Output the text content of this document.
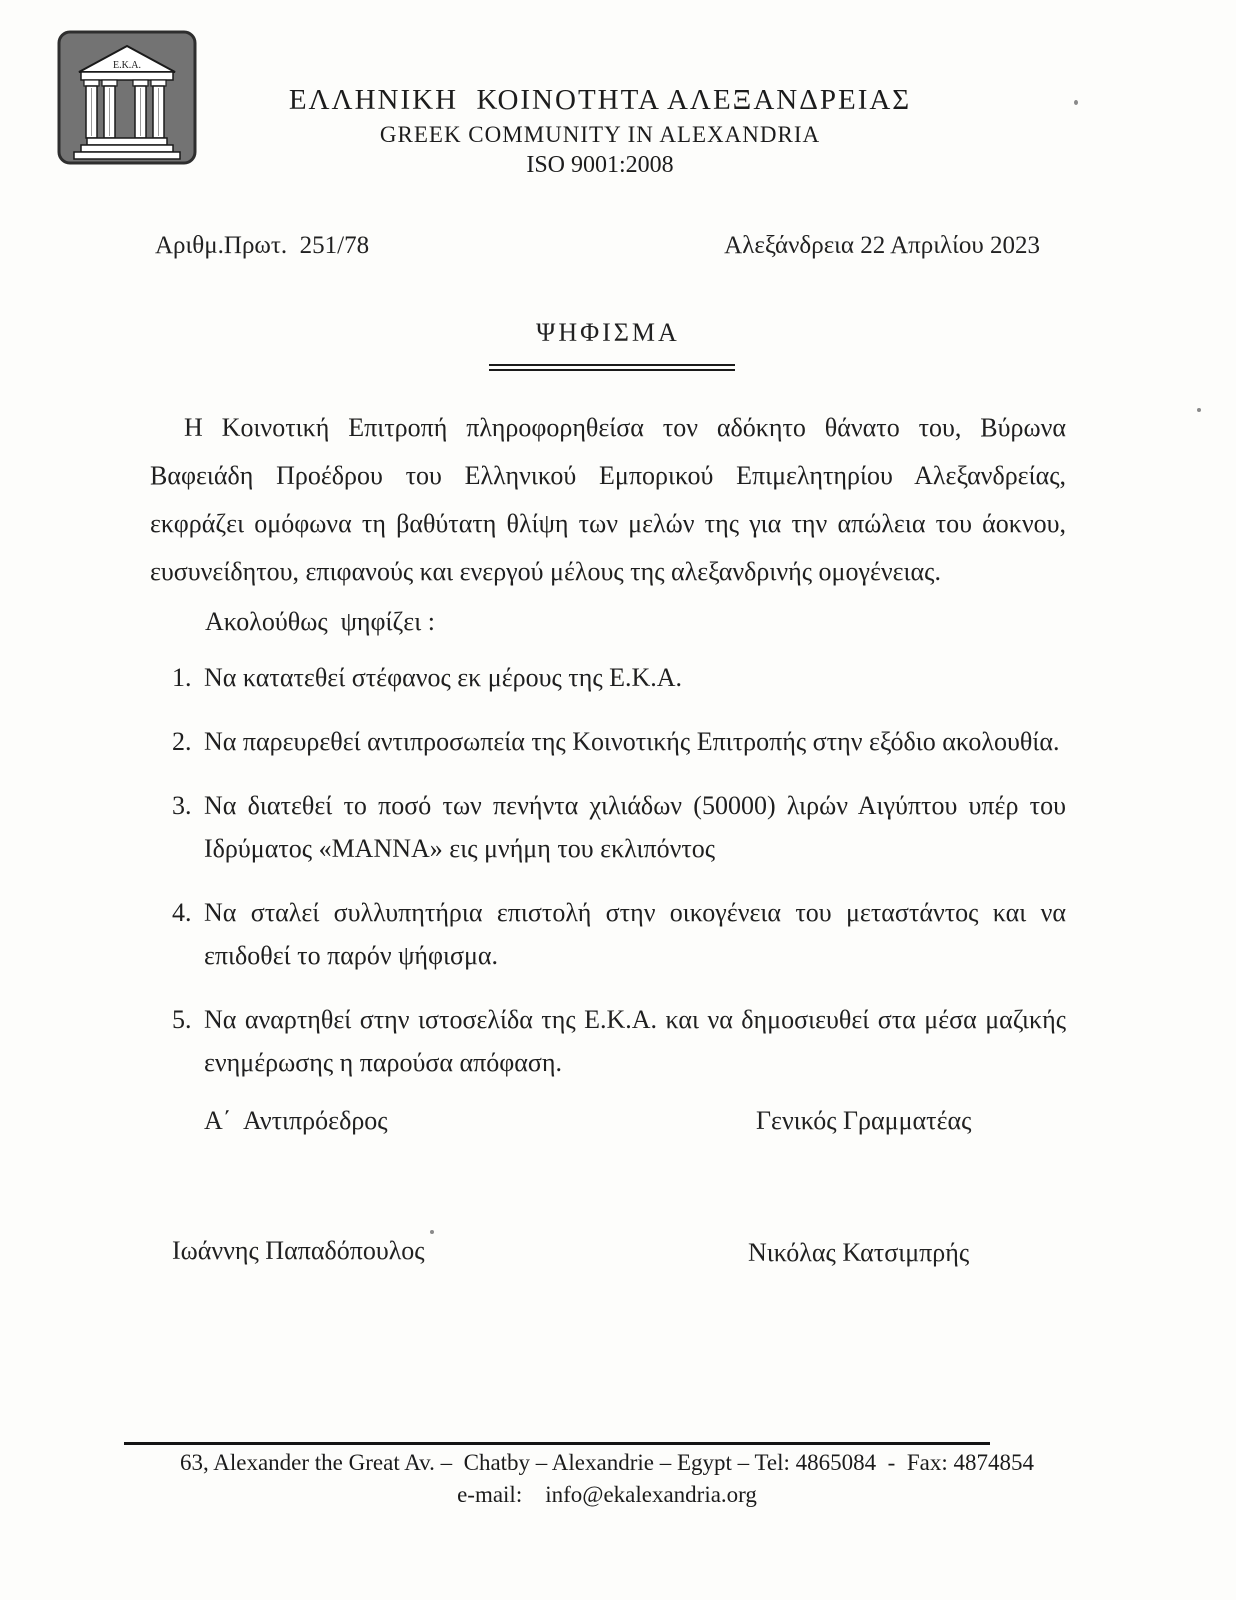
Ε.Κ.Α.
ΕΛΛΗΝΙΚΗ  ΚΟΙΝΟΤΗΤΑ ΑΛΕΞΑΝΔΡΕΙΑΣ
GREEK COMMUNITY IN ALEXANDRIA
ISO 9001:2008
Αριθμ.Πρωτ.  251/78	Αλεξάνδρεια 22 Απριλίου 2023
ΨΗΦΙΣΜΑ

Η Κοινοτική Επιτροπή πληροφορηθείσα τον αδόκητο θάνατο του, Βύρωνα Βαφειάδη Προέδρου του Ελληνικού Εμπορικού Επιμελητηρίου Αλεξανδρείας, εκφράζει ομόφωνα τη βαθύτατη θλίψη των μελών της για την απώλεια του άοκνου, ευσυνείδητου, επιφανούς και ενεργού μέλους της αλεξανδρινής ομογένειας.

Ακολούθως  ψηφίζει :

1. Να κατατεθεί στέφανος εκ μέρους της Ε.Κ.Α.
2. Να παρευρεθεί αντιπροσωπεία της Κοινοτικής Επιτροπής στην εξόδιο ακολουθία.
3. Να διατεθεί το ποσό των πενήντα χιλιάδων (50000) λιρών Αιγύπτου υπέρ του Ιδρύματος «ΜΑΝΝΑ» εις μνήμη του εκλιπόντος
4. Να σταλεί συλλυπητήρια επιστολή στην οικογένεια του μεταστάντος και να επιδοθεί το παρόν ψήφισμα.
5. Να αναρτηθεί στην ιστοσελίδα της Ε.Κ.Α. και να δημοσιευθεί στα μέσα μαζικής ενημέρωσης η παρούσα απόφαση.
Α΄  Αντιπρόεδρος	Γενικός Γραμματέας
Ιωάννης Παπαδόπουλος	Νικόλας Κατσιμπρής
63, Alexander the Great Av. –  Chatby – Alexandrie – Egypt – Tel: 4865084  -  Fax: 4874854
e-mail:    info@ekalexandria.org
